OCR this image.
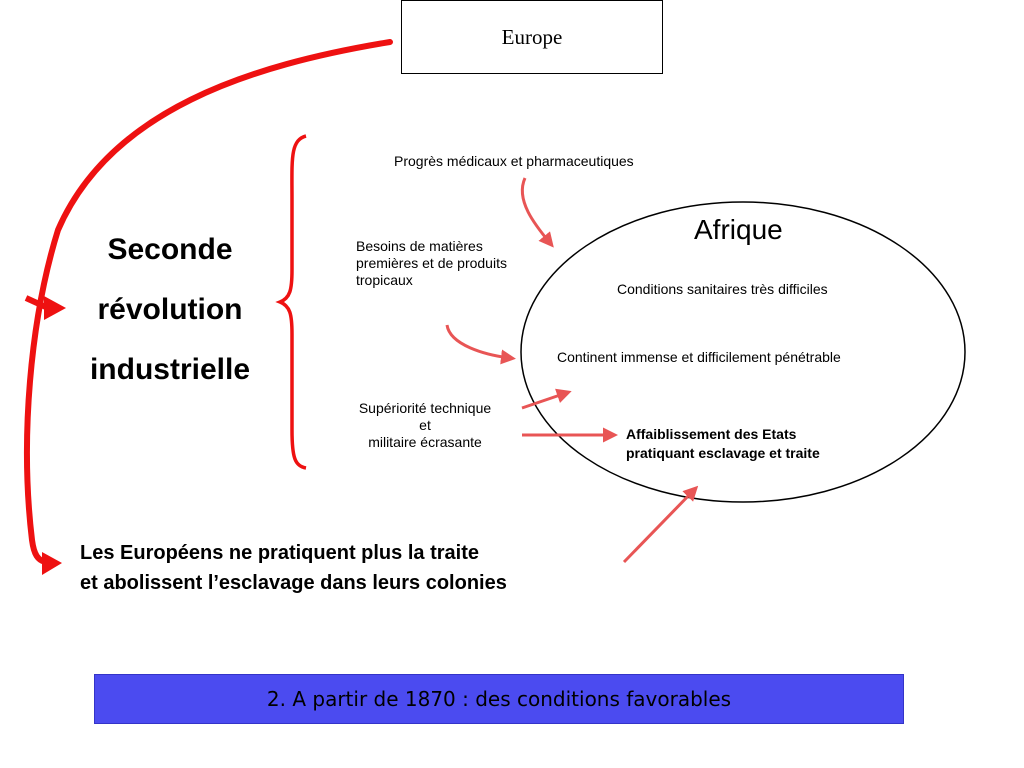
Europe
Seconde
révolution
industrielle
Progrès médicaux et pharmaceutiques
Besoins de matières premières et de produits tropicaux
Supériorité technique
et
militaire écrasante
Afrique
Conditions sanitaires très difficiles
Continent immense et difficilement pénétrable
Affaiblissement des Etats
pratiquant esclavage et traite
Les Européens ne pratiquent plus la traite
et abolissent l’esclavage dans leurs colonies
2. A partir de 1870 : des conditions favorables
